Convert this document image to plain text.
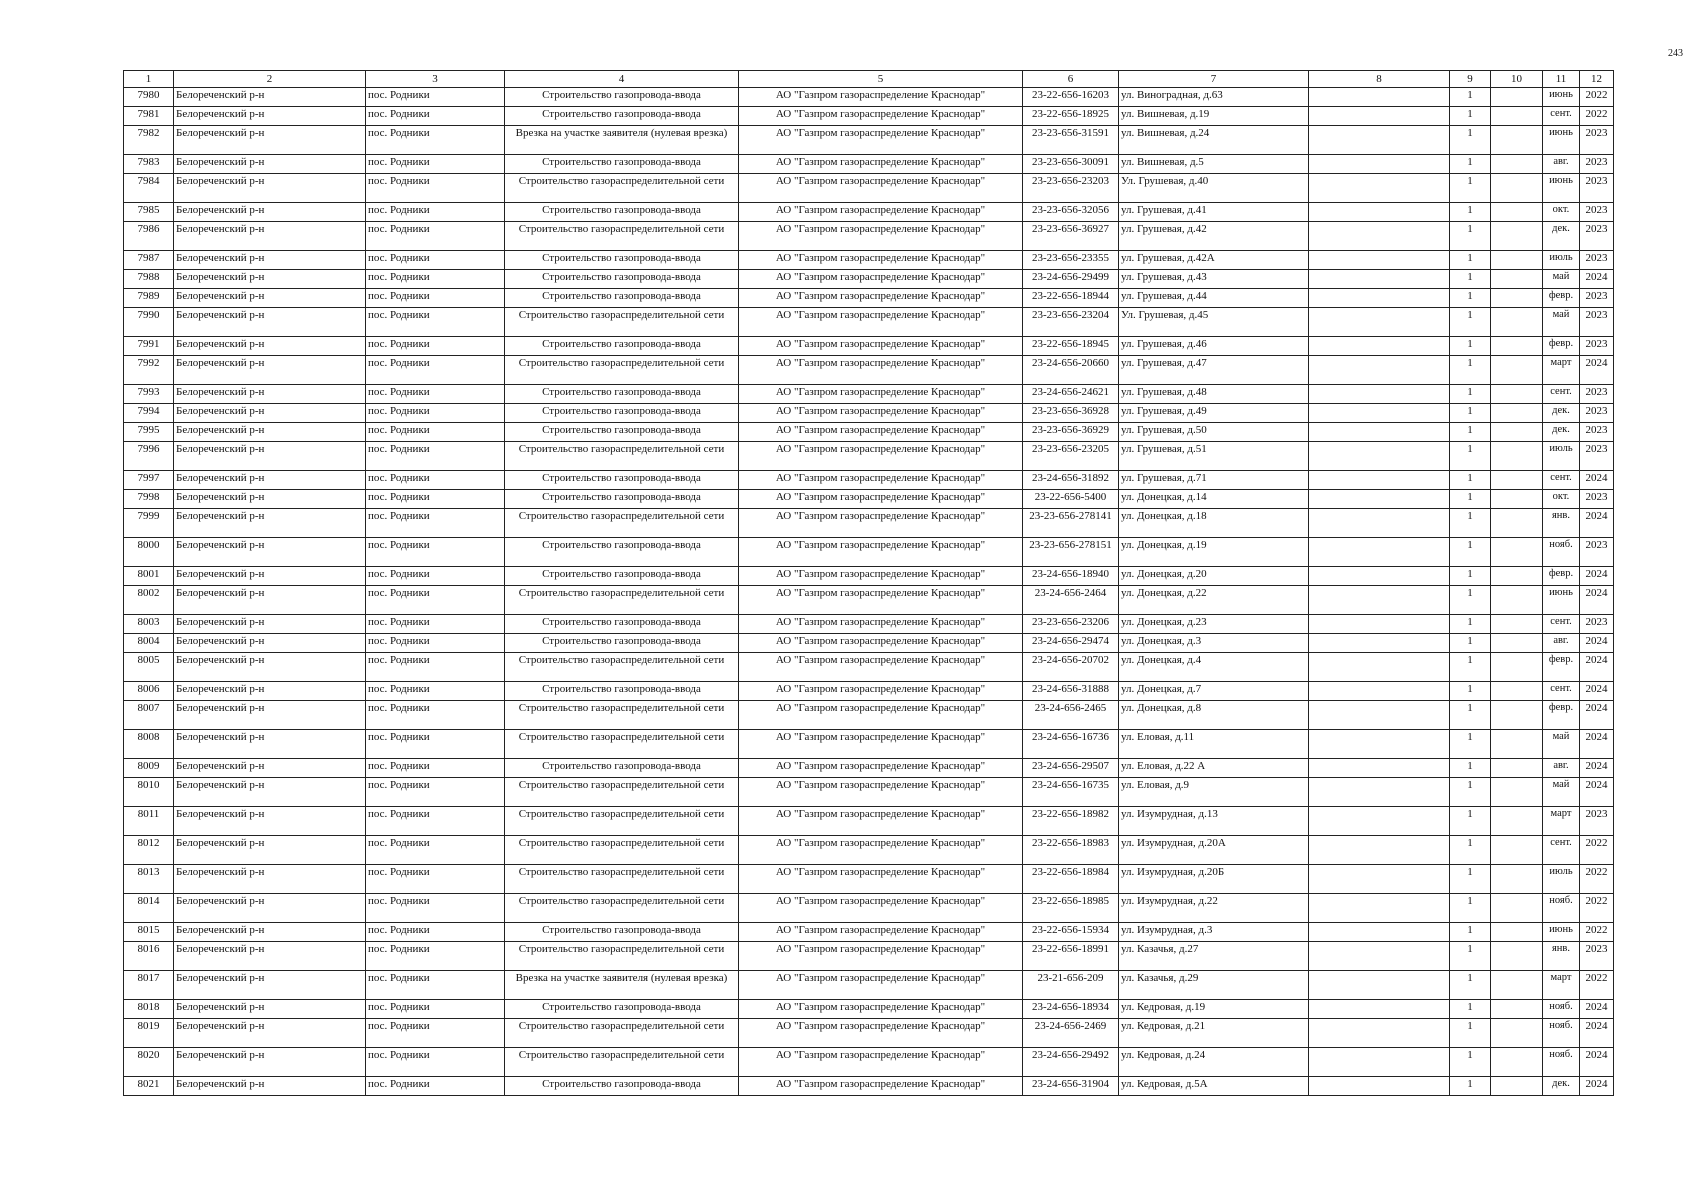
243
1	2	3	4	5	6	7	8	9	10	11	12
7980	Белореченский р-н	пос. Родники	Строительство газопровода-ввода	АО "Газпром газораспределение Краснодар"	23-22-656-16203	ул. Виноградная, д.63		1		июнь	2022
7981	Белореченский р-н	пос. Родники	Строительство газопровода-ввода	АО "Газпром газораспределение Краснодар"	23-22-656-18925	ул. Вишневая, д.19		1		сент.	2022
7982	Белореченский р-н	пос. Родники	Врезка на участке заявителя (нулевая врезка)	АО "Газпром газораспределение Краснодар"	23-23-656-31591	ул. Вишневая, д.24		1		июнь	2023
7983	Белореченский р-н	пос. Родники	Строительство газопровода-ввода	АО "Газпром газораспределение Краснодар"	23-23-656-30091	ул. Вишневая, д.5		1		авг.	2023
7984	Белореченский р-н	пос. Родники	Строительство газораспределительной сети	АО "Газпром газораспределение Краснодар"	23-23-656-23203	Ул. Грушевая, д.40		1		июнь	2023
7985	Белореченский р-н	пос. Родники	Строительство газопровода-ввода	АО "Газпром газораспределение Краснодар"	23-23-656-32056	ул. Грушевая, д.41		1		окт.	2023
7986	Белореченский р-н	пос. Родники	Строительство газораспределительной сети	АО "Газпром газораспределение Краснодар"	23-23-656-36927	ул. Грушевая, д.42		1		дек.	2023
7987	Белореченский р-н	пос. Родники	Строительство газопровода-ввода	АО "Газпром газораспределение Краснодар"	23-23-656-23355	ул. Грушевая, д.42А		1		июль	2023
7988	Белореченский р-н	пос. Родники	Строительство газопровода-ввода	АО "Газпром газораспределение Краснодар"	23-24-656-29499	ул. Грушевая, д.43		1		май	2024
7989	Белореченский р-н	пос. Родники	Строительство газопровода-ввода	АО "Газпром газораспределение Краснодар"	23-22-656-18944	ул. Грушевая, д.44		1		февр.	2023
7990	Белореченский р-н	пос. Родники	Строительство газораспределительной сети	АО "Газпром газораспределение Краснодар"	23-23-656-23204	Ул. Грушевая, д.45		1		май	2023
7991	Белореченский р-н	пос. Родники	Строительство газопровода-ввода	АО "Газпром газораспределение Краснодар"	23-22-656-18945	ул. Грушевая, д.46		1		февр.	2023
7992	Белореченский р-н	пос. Родники	Строительство газораспределительной сети	АО "Газпром газораспределение Краснодар"	23-24-656-20660	ул. Грушевая, д.47		1		март	2024
7993	Белореченский р-н	пос. Родники	Строительство газопровода-ввода	АО "Газпром газораспределение Краснодар"	23-24-656-24621	ул. Грушевая, д.48		1		сент.	2023
7994	Белореченский р-н	пос. Родники	Строительство газопровода-ввода	АО "Газпром газораспределение Краснодар"	23-23-656-36928	ул. Грушевая, д.49		1		дек.	2023
7995	Белореченский р-н	пос. Родники	Строительство газопровода-ввода	АО "Газпром газораспределение Краснодар"	23-23-656-36929	ул. Грушевая, д.50		1		дек.	2023
7996	Белореченский р-н	пос. Родники	Строительство газораспределительной сети	АО "Газпром газораспределение Краснодар"	23-23-656-23205	ул. Грушевая, д.51		1		июль	2023
7997	Белореченский р-н	пос. Родники	Строительство газопровода-ввода	АО "Газпром газораспределение Краснодар"	23-24-656-31892	ул. Грушевая, д.71		1		сент.	2024
7998	Белореченский р-н	пос. Родники	Строительство газопровода-ввода	АО "Газпром газораспределение Краснодар"	23-22-656-5400	ул. Донецкая, д.14		1		окт.	2023
7999	Белореченский р-н	пос. Родники	Строительство газораспределительной сети	АО "Газпром газораспределение Краснодар"	23-23-656-278141	ул. Донецкая, д.18		1		янв.	2024
8000	Белореченский р-н	пос. Родники	Строительство газопровода-ввода	АО "Газпром газораспределение Краснодар"	23-23-656-278151	ул. Донецкая, д.19		1		нояб.	2023
8001	Белореченский р-н	пос. Родники	Строительство газопровода-ввода	АО "Газпром газораспределение Краснодар"	23-24-656-18940	ул. Донецкая, д.20		1		февр.	2024
8002	Белореченский р-н	пос. Родники	Строительство газораспределительной сети	АО "Газпром газораспределение Краснодар"	23-24-656-2464	ул. Донецкая, д.22		1		июнь	2024
8003	Белореченский р-н	пос. Родники	Строительство газопровода-ввода	АО "Газпром газораспределение Краснодар"	23-23-656-23206	ул. Донецкая, д.23		1		сент.	2023
8004	Белореченский р-н	пос. Родники	Строительство газопровода-ввода	АО "Газпром газораспределение Краснодар"	23-24-656-29474	ул. Донецкая, д.3		1		авг.	2024
8005	Белореченский р-н	пос. Родники	Строительство газораспределительной сети	АО "Газпром газораспределение Краснодар"	23-24-656-20702	ул. Донецкая, д.4		1		февр.	2024
8006	Белореченский р-н	пос. Родники	Строительство газопровода-ввода	АО "Газпром газораспределение Краснодар"	23-24-656-31888	ул. Донецкая, д.7		1		сент.	2024
8007	Белореченский р-н	пос. Родники	Строительство газораспределительной сети	АО "Газпром газораспределение Краснодар"	23-24-656-2465	ул. Донецкая, д.8		1		февр.	2024
8008	Белореченский р-н	пос. Родники	Строительство газораспределительной сети	АО "Газпром газораспределение Краснодар"	23-24-656-16736	ул. Еловая, д.11		1		май	2024
8009	Белореченский р-н	пос. Родники	Строительство газопровода-ввода	АО "Газпром газораспределение Краснодар"	23-24-656-29507	ул. Еловая, д.22 А		1		авг.	2024
8010	Белореченский р-н	пос. Родники	Строительство газораспределительной сети	АО "Газпром газораспределение Краснодар"	23-24-656-16735	ул. Еловая, д.9		1		май	2024
8011	Белореченский р-н	пос. Родники	Строительство газораспределительной сети	АО "Газпром газораспределение Краснодар"	23-22-656-18982	ул. Изумрудная, д.13		1		март	2023
8012	Белореченский р-н	пос. Родники	Строительство газораспределительной сети	АО "Газпром газораспределение Краснодар"	23-22-656-18983	ул. Изумрудная, д.20А		1		сент.	2022
8013	Белореченский р-н	пос. Родники	Строительство газораспределительной сети	АО "Газпром газораспределение Краснодар"	23-22-656-18984	ул. Изумрудная, д.20Б		1		июль	2022
8014	Белореченский р-н	пос. Родники	Строительство газораспределительной сети	АО "Газпром газораспределение Краснодар"	23-22-656-18985	ул. Изумрудная, д.22		1		нояб.	2022
8015	Белореченский р-н	пос. Родники	Строительство газопровода-ввода	АО "Газпром газораспределение Краснодар"	23-22-656-15934	ул. Изумрудная, д.3		1		июнь	2022
8016	Белореченский р-н	пос. Родники	Строительство газораспределительной сети	АО "Газпром газораспределение Краснодар"	23-22-656-18991	ул. Казачья, д.27		1		янв.	2023
8017	Белореченский р-н	пос. Родники	Врезка на участке заявителя (нулевая врезка)	АО "Газпром газораспределение Краснодар"	23-21-656-209	ул. Казачья, д.29		1		март	2022
8018	Белореченский р-н	пос. Родники	Строительство газопровода-ввода	АО "Газпром газораспределение Краснодар"	23-24-656-18934	ул. Кедровая, д.19		1		нояб.	2024
8019	Белореченский р-н	пос. Родники	Строительство газораспределительной сети	АО "Газпром газораспределение Краснодар"	23-24-656-2469	ул. Кедровая, д.21		1		нояб.	2024
8020	Белореченский р-н	пос. Родники	Строительство газораспределительной сети	АО "Газпром газораспределение Краснодар"	23-24-656-29492	ул. Кедровая, д.24		1		нояб.	2024
8021	Белореченский р-н	пос. Родники	Строительство газопровода-ввода	АО "Газпром газораспределение Краснодар"	23-24-656-31904	ул. Кедровая, д.5А		1		дек.	2024
